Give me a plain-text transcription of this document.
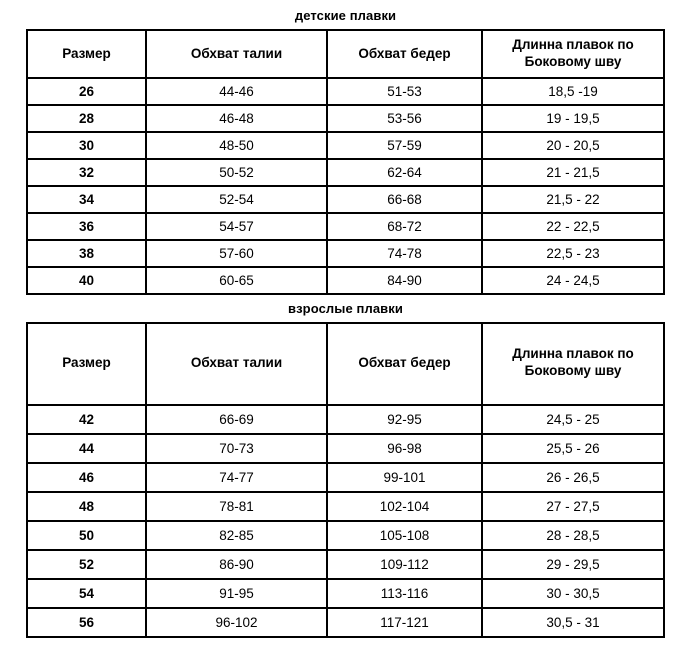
детские плавки
Размер	Обхват талии	Обхват бедер	Длинна плавок по Боковому шву
26	44-46	51-53	18,5 -19
28	46-48	53-56	19 - 19,5
30	48-50	57-59	20 - 20,5
32	50-52	62-64	21 - 21,5
34	52-54	66-68	21,5 - 22
36	54-57	68-72	22 - 22,5
38	57-60	74-78	22,5 - 23
40	60-65	84-90	24 - 24,5
взрослые плавки
Размер	Обхват талии	Обхват бедер	Длинна плавок по Боковому шву
42	66-69	92-95	24,5 - 25
44	70-73	96-98	25,5 - 26
46	74-77	99-101	26 - 26,5
48	78-81	102-104	27 - 27,5
50	82-85	105-108	28 - 28,5
52	86-90	109-112	29 - 29,5
54	91-95	113-116	30 - 30,5
56	96-102	117-121	30,5 - 31
